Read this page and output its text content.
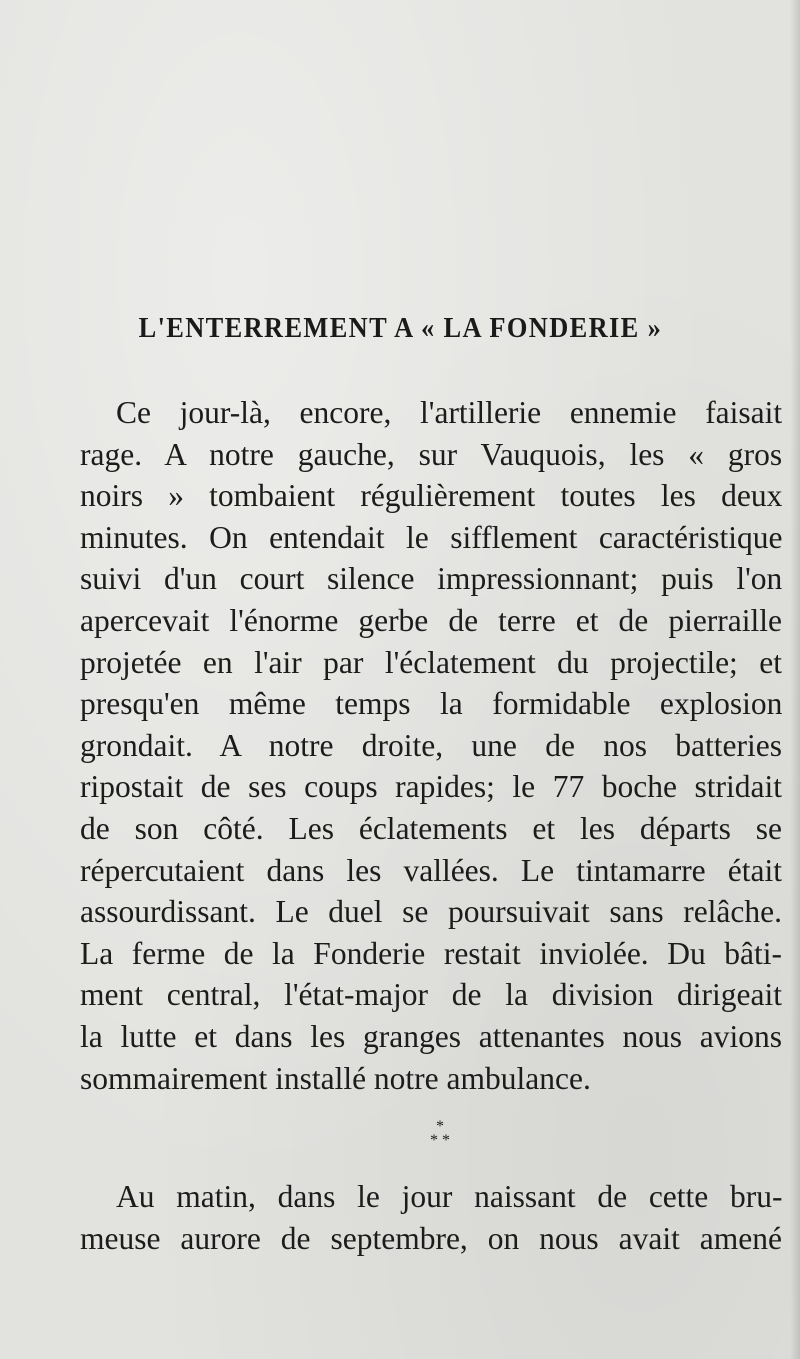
L'ENTERREMENT A « LA FONDERIE »
Ce jour-là, encore, l'artillerie ennemie faisait
rage. A notre gauche, sur Vauquois, les « gros
noirs » tombaient régulièrement toutes les deux
minutes. On entendait le sifflement caractéristique
suivi d'un court silence impressionnant; puis l'on
apercevait l'énorme gerbe de terre et de pierraille
projetée en l'air par l'éclatement du projectile; et
presqu'en même temps la formidable explosion
grondait. A notre droite, une de nos batteries
ripostait de ses coups rapides; le 77 boche stridait
de son côté. Les éclatements et les départs se
répercutaient dans les vallées. Le tintamarre était
assourdissant. Le duel se poursuivait sans relâche.
La ferme de la Fonderie restait inviolée. Du bâti-
ment central, l'état-major de la division dirigeait
la lutte et dans les granges attenantes nous avions
sommairement installé notre ambulance.
*
* *
Au matin, dans le jour naissant de cette bru-
meuse aurore de septembre, on nous avait amené
